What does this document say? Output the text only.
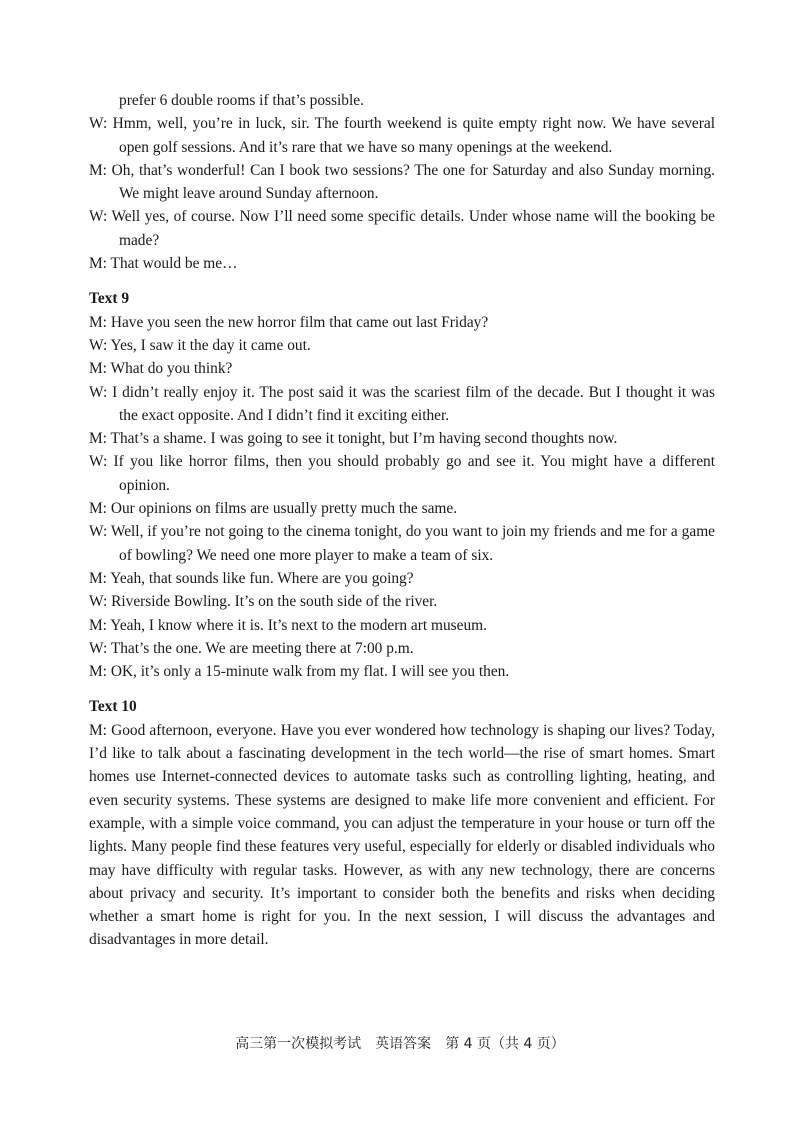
prefer 6 double rooms if that’s possible.
W: Hmm, well, you’re in luck, sir. The fourth weekend is quite empty right now. We have several open golf sessions. And it’s rare that we have so many openings at the weekend.
M: Oh, that’s wonderful! Can I book two sessions? The one for Saturday and also Sunday morning. We might leave around Sunday afternoon.
W: Well yes, of course. Now I’ll need some specific details. Under whose name will the booking be made?
M: That would be me…
Text 9
M: Have you seen the new horror film that came out last Friday?
W: Yes, I saw it the day it came out.
M: What do you think?
W: I didn’t really enjoy it. The post said it was the scariest film of the decade. But I thought it was the exact opposite. And I didn’t find it exciting either.
M: That’s a shame. I was going to see it tonight, but I’m having second thoughts now.
W: If you like horror films, then you should probably go and see it. You might have a different opinion.
M: Our opinions on films are usually pretty much the same.
W: Well, if you’re not going to the cinema tonight, do you want to join my friends and me for a game of bowling? We need one more player to make a team of six.
M: Yeah, that sounds like fun. Where are you going?
W: Riverside Bowling. It’s on the south side of the river.
M: Yeah, I know where it is. It’s next to the modern art museum.
W: That’s the one. We are meeting there at 7:00 p.m.
M: OK, it’s only a 15-minute walk from my flat. I will see you then.
Text 10
M: Good afternoon, everyone. Have you ever wondered how technology is shaping our lives? Today, I’d like to talk about a fascinating development in the tech world—the rise of smart homes. Smart homes use Internet-connected devices to automate tasks such as controlling lighting, heating, and even security systems. These systems are designed to make life more convenient and efficient. For example, with a simple voice command, you can adjust the temperature in your house or turn off the lights. Many people find these features very useful, especially for elderly or disabled individuals who may have difficulty with regular tasks. However, as with any new technology, there are concerns about privacy and security. It’s important to consider both the benefits and risks when deciding whether a smart home is right for you. In the next session, I will discuss the advantages and disadvantages in more detail.
高三第一次模拟考试　英语答案　第 4 页（共 4 页）
